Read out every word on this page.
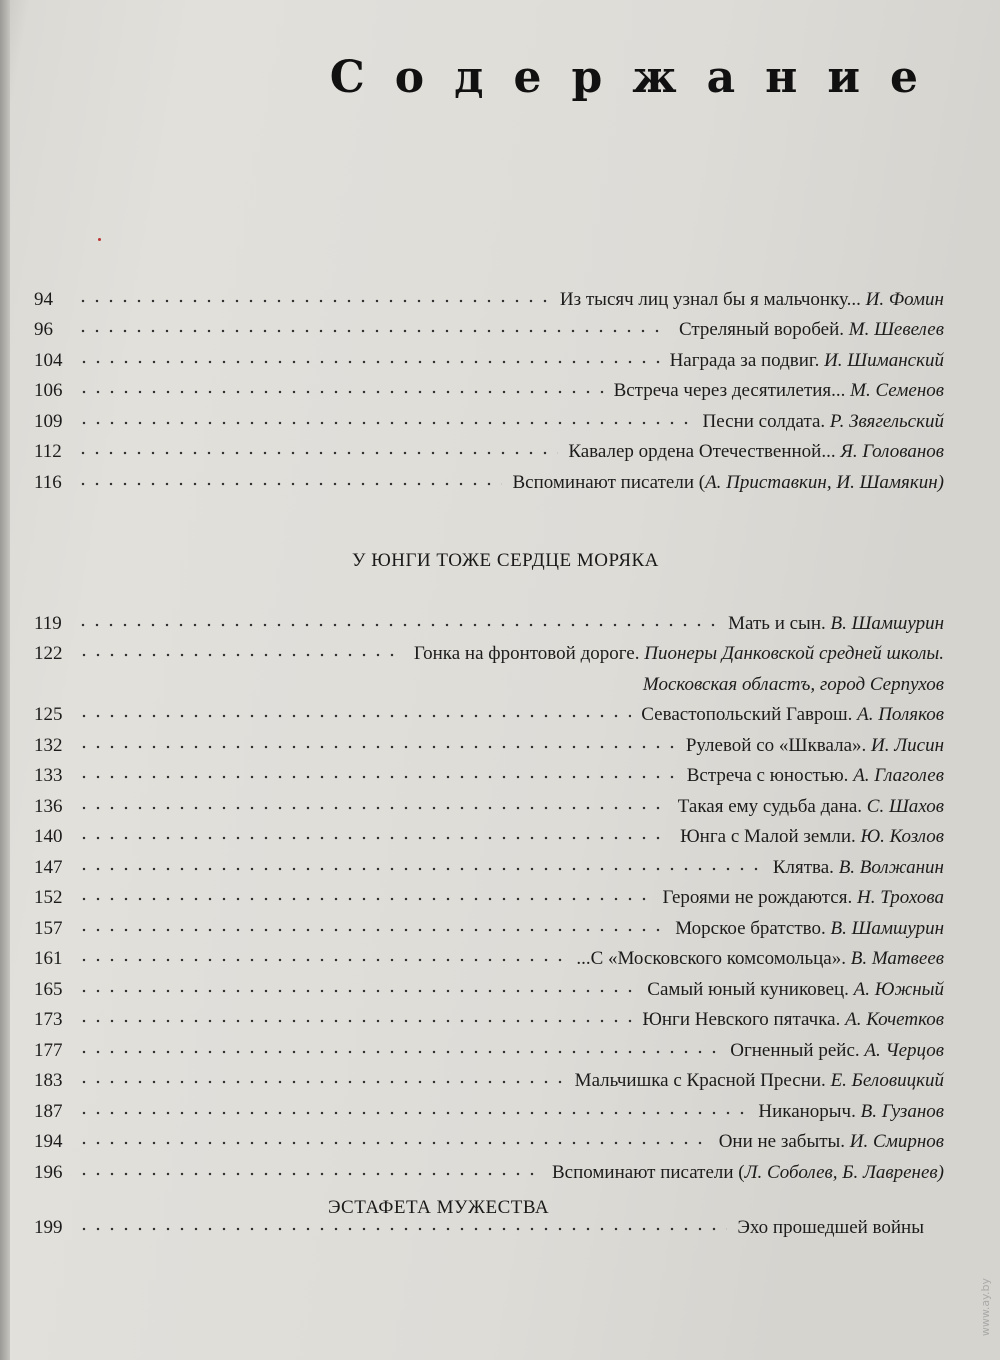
Содержание
94	Из тысяч лиц узнал бы я мальчонку... И. Фомин
96	Стреляный воробей. М. Шевелев
104	Награда за подвиг. И. Шиманский
106	Встреча через десятилетия... М. Семенов
109	Песни солдата. Р. Звягельский
112	Кавалер ордена Отечественной... Я. Голованов
116	Вспоминают писатели (А. Приставкин, И. Шамякин)

У ЮНГИ ТОЖЕ СЕРДЦЕ МОРЯКА

119	Мать и сын. В. Шамшурин
122	Гонка на фронтовой дороге. Пионеры Данковской средней школы.
Московская областъ, город Серпухов
125	Севастопольский Гаврош. А. Поляков
132	Рулевой со «Шквала». И. Лисин
133	Встреча с юностью. А. Глаголев
136	Такая ему судьба дана. С. Шахов
140	Юнга с Малой земли. Ю. Козлов
147	Клятва. В. Волжанин
152	Героями не рождаются. Н. Трохова
157	Морское братство. В. Шамшурин
161	...С «Московского комсомольца». В. Матвеев
165	Самый юный куниковец. А. Южный
173	Юнги Невского пятачка. А. Кочетков
177	Огненный рейс. А. Черцов
183	Мальчишка с Красной Пресни. Е. Беловицкий
187	Никанорыч. В. Гузанов
194	Они не забыты. И. Смирнов
196	Вспоминают писатели (Л. Соболев, Б. Лавренев)

ЭСТАФЕТА МУЖЕСТВА

199	Эхо прошедшей войны
www.ay.by
